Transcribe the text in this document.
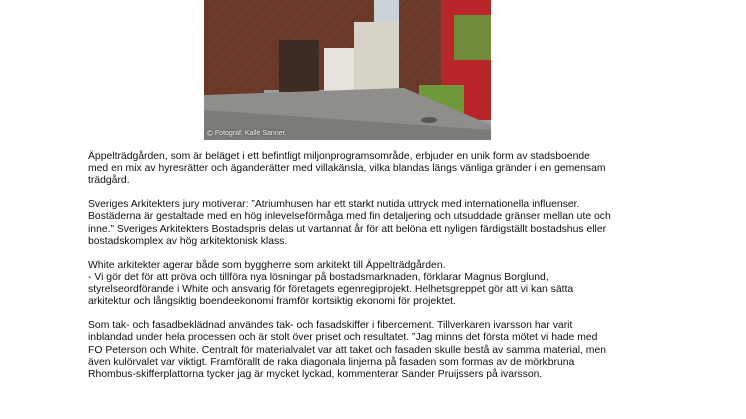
© Fotograf: Kalle Sanner.
Äppelträdgården, som är beläget i ett befintligt miljonprogramsområde, erbjuder en unik form av stadsboende
med en mix av hyresrätter och äganderätter med villakänsla, vilka blandas längs vänliga gränder i en gemensam
trädgård.
Sveriges Arkitekters jury motiverar: ”Atriumhusen har ett starkt nutida uttryck med internationella influenser.
Bostäderna är gestaltade med en hög inlevelseförmåga med fin detaljering och utsuddade gränser mellan ute och
inne.” Sveriges Arkitekters Bostadspris delas ut vartannat år för att belöna ett nyligen färdigställt bostadshus eller
bostadskomplex av hög arkitektonisk klass.
White arkitekter agerar både som byggherre som arkitekt till Äppelträdgården.
- Vi gör det för att pröva och tillföra nya lösningar på bostadsmarknaden, förklarar Magnus Borglund,
styrelseordförande i White och ansvarig för företagets egenregiprojekt. Helhetsgreppet gör att vi kan sätta
arkitektur och långsiktig boendeekonomi framför kortsiktig ekonomi för projektet.
Som tak- och fasadbeklädnad användes tak- och fasadskiffer i fibercement. Tillverkaren ivarsson har varit
inblandad under hela processen och är stolt över priset och resultatet. ”Jag minns det första mötet vi hade med
FO Peterson och White. Centralt för materialvalet var att taket och fasaden skulle bestå av samma material, men
även kulörvalet var viktigt. Framförallt de raka diagonala linjerna på fasaden som formas av de mörkbruna
Rhombus-skifferplattorna tycker jag är mycket lyckad, kommenterar Sander Pruijssers på ivarsson.
